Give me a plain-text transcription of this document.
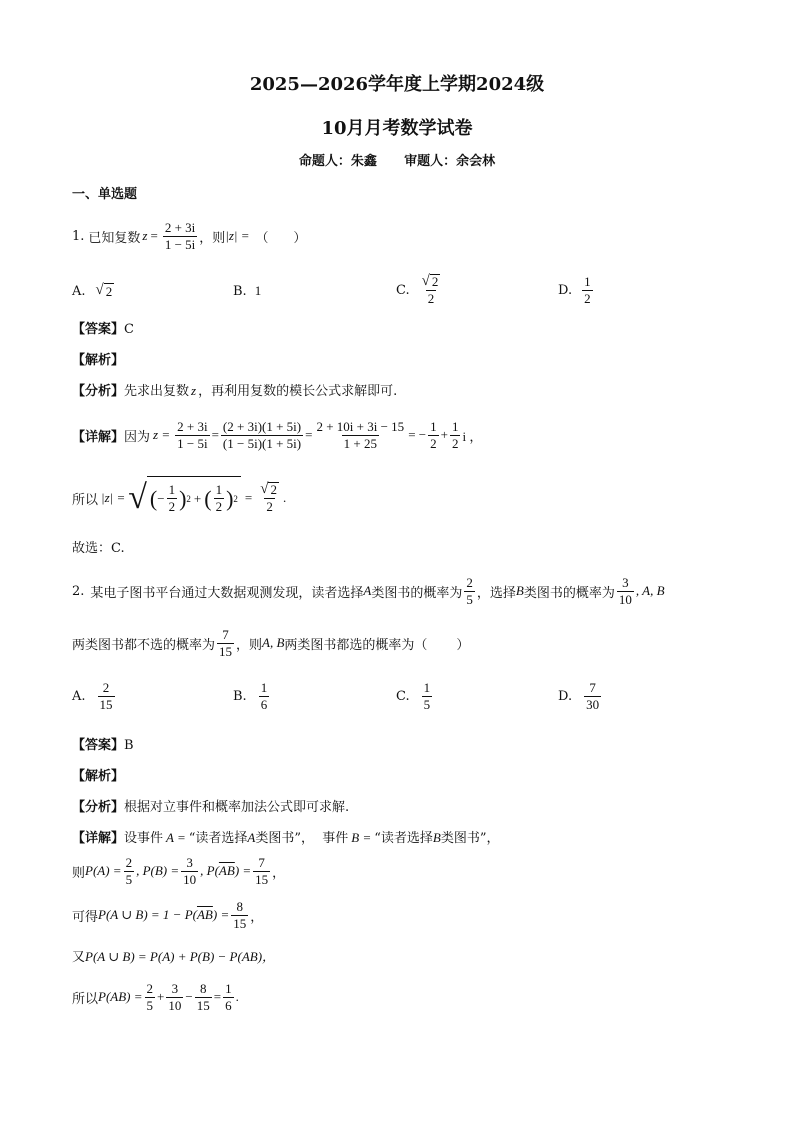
2025—2026学年度上学期2024级
10月月考数学试卷
命题人：朱鑫      审题人：余会林
一、单选题
1. 已知复数 $z = \frac{2 + 3i}{1 - 5i}$ ，则 |z| = （      ）
A. √ 2	B. 1	C. $\frac{√ 2}{2}$	D. $\frac{1}{2}$
【答案】C
【解析】
【分析】先求出复数 z ，再利用复数的模长公式求解即可.
【详解】 因为 $z = \frac{2 + 3i}{1 - 5i} = \frac{(2 + 3i)(1 + 5i)}{(1 - 5i)(1 + 5i)} = \frac{2 + 10i + 3i - 15}{1 + 25}$ = − $\frac{1}{2} + \frac{1}{2}$ i ，
所以 |z| = √ ( − $\frac{1}{2}$ ) 2 + ( $\frac{1}{2}$ ) $2 = \frac{√ 2}{2}$ .
故选：C.
2. 某电子图书平台通过大数据观测发现，读者选择 A 类图书的概率为 $\frac{2}{5}$ ，选择 B 类图书的概率为 $\frac{3}{10}$ , A, B
两类图书都不选的概率为 $\frac{7}{15}$ ，则 A, B 两类图书都选的概率为（       ）
A. $\frac{2}{15}$	B. $\frac{1}{6}$	C. $\frac{1}{5}$	D. $\frac{7}{30}$
【答案】B
【解析】
【分析】根据对立事件和概率加法公式即可求解.
【详解】设事件 A = “读者选择A类图书”，  事件 B = “读者选择B类图书”，
则 $P(A) = \frac{2}{5}$ , $P(B) = \frac{3}{10}$ , P( $\overline{AB}$ ) = $\frac{7}{15}$ ，
可得 P(A ∪ B) = 1 − P( $\overline{AB}$ ) = $\frac{8}{15}$ ，
又P(A ∪ B) = P(A) + P(B) − P(AB)，
所以 $P(AB) = \frac{2}{5} + \frac{3}{10} - \frac{8}{15} = \frac{1}{6}$ .
